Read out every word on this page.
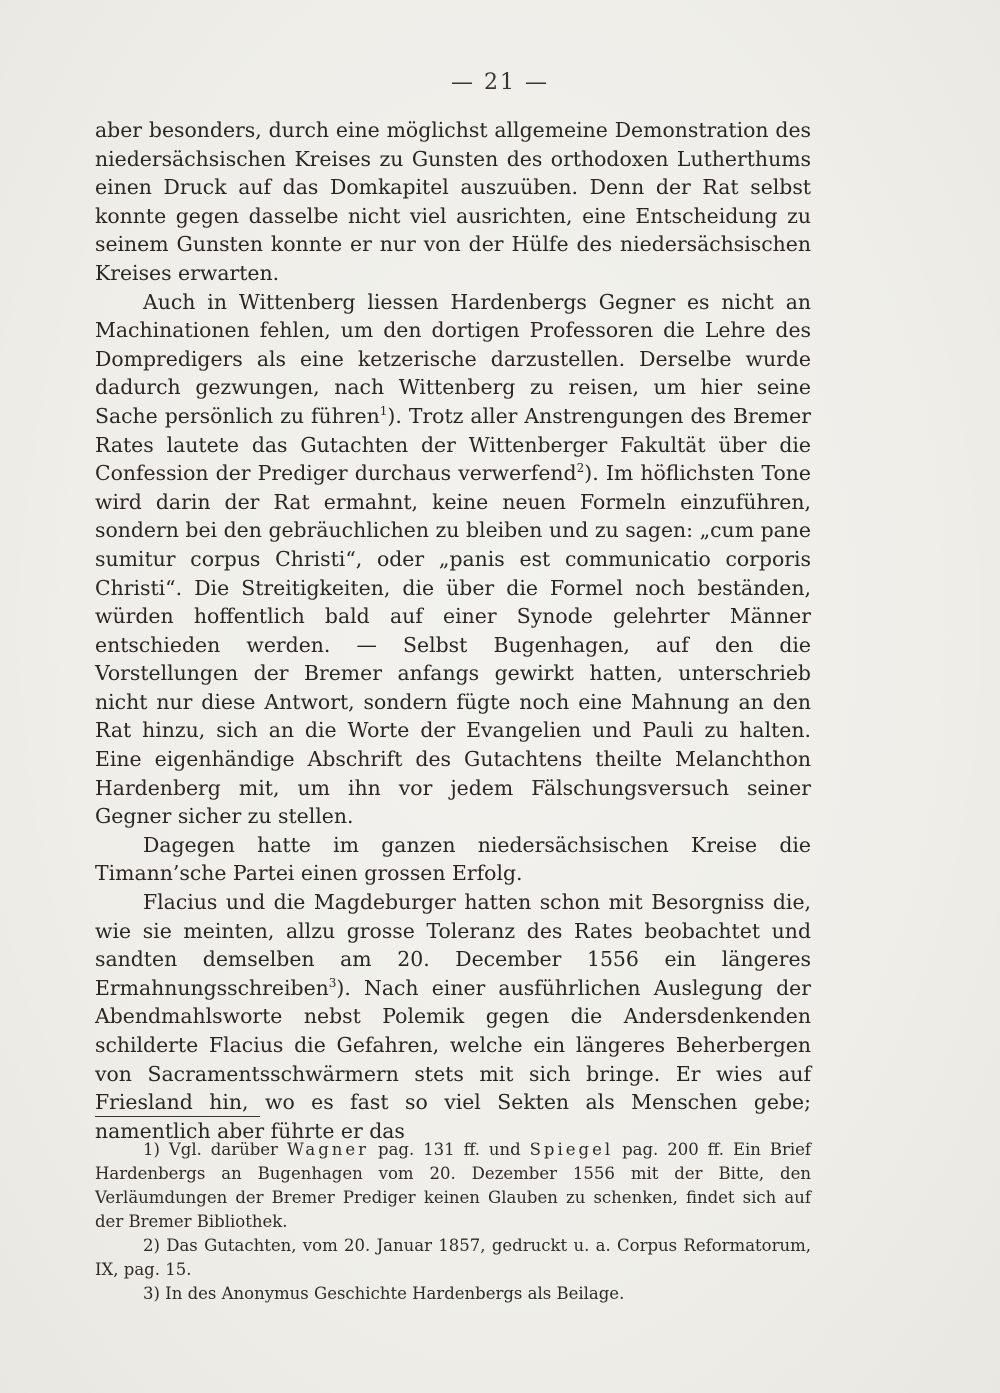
— 21 —

aber besonders, durch eine möglichst allgemeine Demonstration des niedersächsischen Kreises zu Gunsten des orthodoxen Lutherthums einen Druck auf das Domkapitel auszuüben. Denn der Rat selbst konnte gegen dasselbe nicht viel ausrichten, eine Entscheidung zu seinem Gunsten konnte er nur von der Hülfe des niedersächsischen Kreises erwarten.

Auch in Wittenberg liessen Hardenbergs Gegner es nicht an Machinationen fehlen, um den dortigen Professoren die Lehre des Dompredigers als eine ketzerische darzustellen. Derselbe wurde dadurch gezwungen, nach Wittenberg zu reisen, um hier seine Sache persönlich zu führen$^1$). Trotz aller Anstrengungen des Bremer Rates lautete das Gutachten der Wittenberger Fakultät über die Confession der Prediger durchaus verwerfend$^2$). Im höflichsten Tone wird darin der Rat ermahnt, keine neuen Formeln einzuführen, sondern bei den gebräuchlichen zu bleiben und zu sagen: „cum pane sumitur corpus Christi“, oder „panis est communicatio corporis Christi“. Die Streitigkeiten, die über die Formel noch beständen, würden hoffentlich bald auf einer Synode gelehrter Männer entschieden werden. — Selbst Bugenhagen, auf den die Vorstellungen der Bremer anfangs gewirkt hatten, unterschrieb nicht nur diese Antwort, sondern fügte noch eine Mahnung an den Rat hinzu, sich an die Worte der Evangelien und Pauli zu halten. Eine eigenhändige Abschrift des Gutachtens theilte Melanchthon Hardenberg mit, um ihn vor jedem Fälschungsversuch seiner Gegner sicher zu stellen.

Dagegen hatte im ganzen niedersächsischen Kreise die Timann’sche Partei einen grossen Erfolg.

Flacius und die Magdeburger hatten schon mit Besorgniss die, wie sie meinten, allzu grosse Toleranz des Rates beobachtet und sandten demselben am 20. December 1556 ein längeres Ermahnungsschreiben$^3$). Nach einer ausführlichen Auslegung der Abendmahlsworte nebst Polemik gegen die Andersdenkenden schilderte Flacius die Gefahren, welche ein längeres Beherbergen von Sacramentsschwärmern stets mit sich bringe. Er wies auf Friesland hin, wo es fast so viel Sekten als Menschen gebe; namentlich aber führte er das

1) Vgl. darüber Wagner pag. 131 ff. und Spiegel pag. 200 ff. Ein Brief Hardenbergs an Bugenhagen vom 20. Dezember 1556 mit der Bitte, den Verläumdungen der Bremer Prediger keinen Glauben zu schenken, findet sich auf der Bremer Bibliothek.

2) Das Gutachten, vom 20. Januar 1857, gedruckt u. a. Corpus Reformatorum, IX, pag. 15.

3) In des Anonymus Geschichte Hardenbergs als Beilage.
